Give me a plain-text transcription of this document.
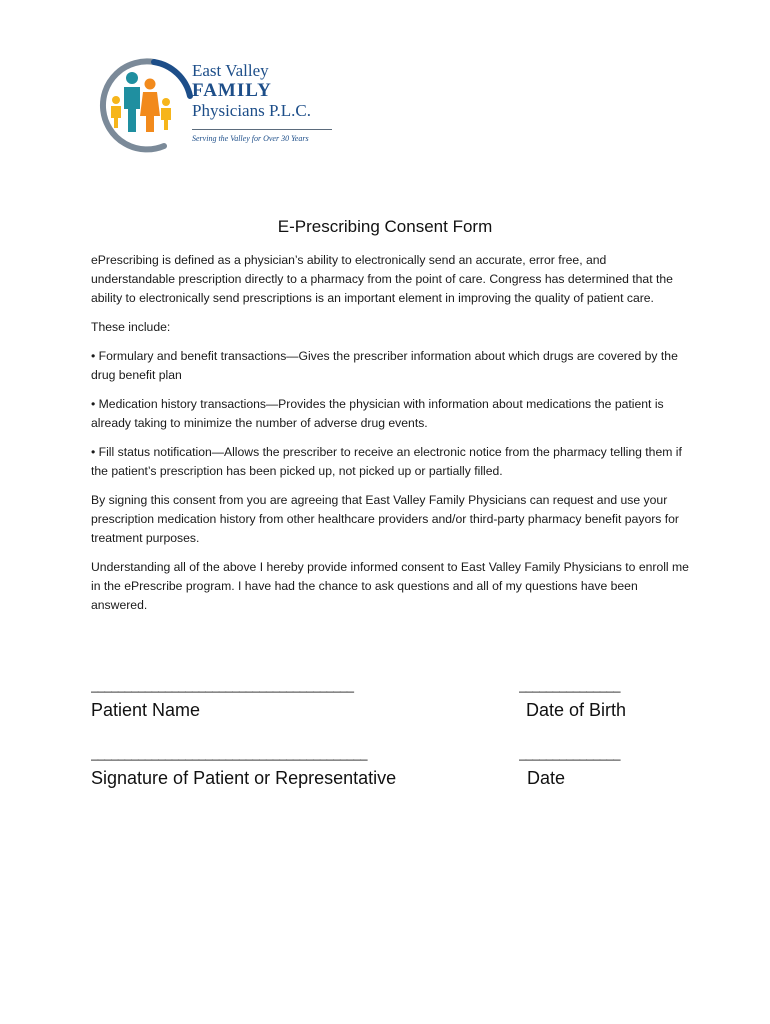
East Valley
FAMILY
Physicians P.L.C.
Serving the Valley for Over 30 Years
E-Prescribing Consent Form

ePrescribing is defined as a physician’s ability to electronically send an accurate, error free, and understandable prescription directly to a pharmacy from the point of care. Congress has determined that the ability to electronically send prescriptions is an important element in improving the quality of patient care.

These include:

• Formulary and benefit transactions—Gives the prescriber information about which drugs are covered by the drug benefit plan

• Medication history transactions—Provides the physician with information about medications the patient is already taking to minimize the number of adverse drug events.

• Fill status notification—Allows the prescriber to receive an electronic notice from the pharmacy telling them if the patient’s prescription has been picked up, not picked up or partially filled.

By signing this consent from you are agreeing that East Valley Family Physicians can request and use your prescription medication history from other healthcare providers and/or third-party pharmacy benefit payors for treatment purposes.

Understanding all of the above I hereby provide informed consent to East Valley Family Physicians to enroll me in the ePrescribe program. I have had the chance to ask questions and all of my questions have been answered.

_______________________________________	_______________
Patient Name	Date of Birth
_________________________________________	_______________
Signature of Patient or Representative	Date
